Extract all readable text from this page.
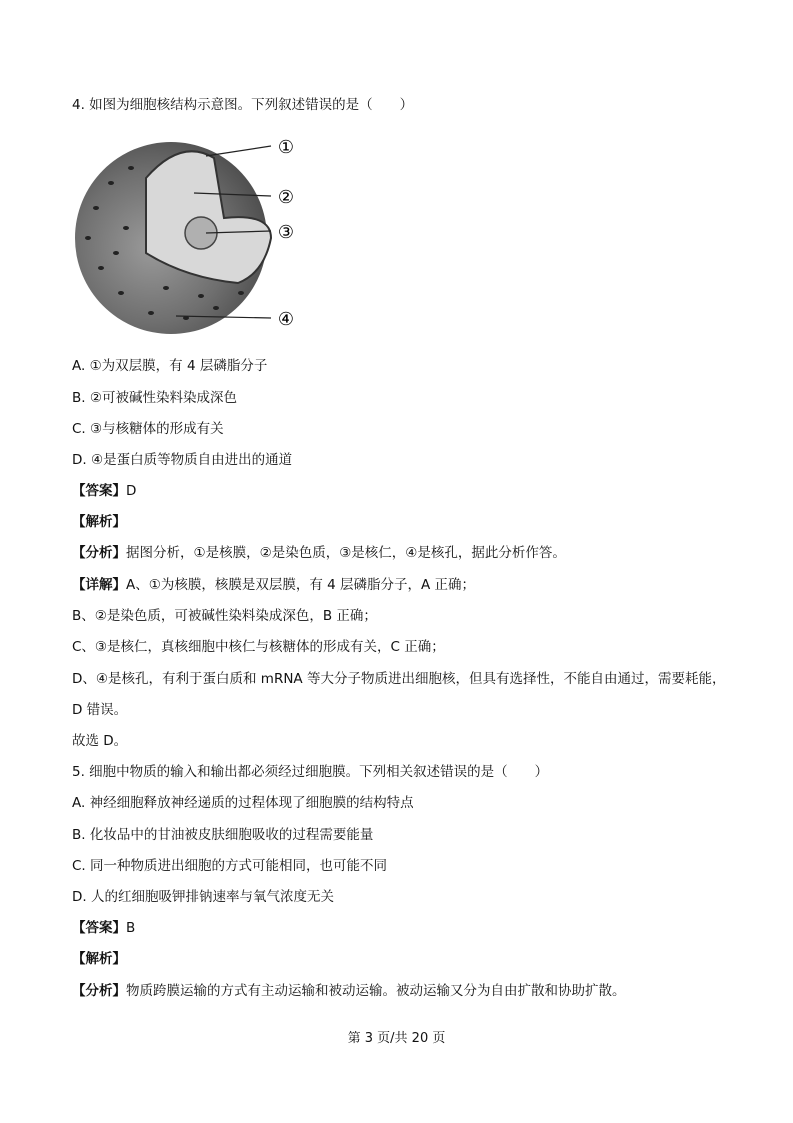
4. 如图为细胞核结构示意图。下列叙述错误的是（　　）
①
②
③
④
A. ①为双层膜，有 4 层磷脂分子
B. ②可被碱性染料染成深色
C. ③与核糖体的形成有关
D. ④是蛋白质等物质自由进出的通道
【答案】D
【解析】
【分析】据图分析，①是核膜，②是染色质，③是核仁，④是核孔，据此分析作答。
【详解】A、①为核膜，核膜是双层膜，有 4 层磷脂分子，A 正确；
B、②是染色质，可被碱性染料染成深色，B 正确；
C、③是核仁，真核细胞中核仁与核糖体的形成有关，C 正确；
D、④是核孔，有利于蛋白质和 mRNA 等大分子物质进出细胞核，但具有选择性，不能自由通过，需要耗能，D 错误。
故选 D。
5. 细胞中物质的输入和输出都必须经过细胞膜。下列相关叙述错误的是（　　）
A. 神经细胞释放神经递质的过程体现了细胞膜的结构特点
B. 化妆品中的甘油被皮肤细胞吸收的过程需要能量
C. 同一种物质进出细胞的方式可能相同，也可能不同
D. 人的红细胞吸钾排钠速率与氧气浓度无关
【答案】B
【解析】
【分析】物质跨膜运输的方式有主动运输和被动运输。被动运输又分为自由扩散和协助扩散。
第 3 页/共 20 页
